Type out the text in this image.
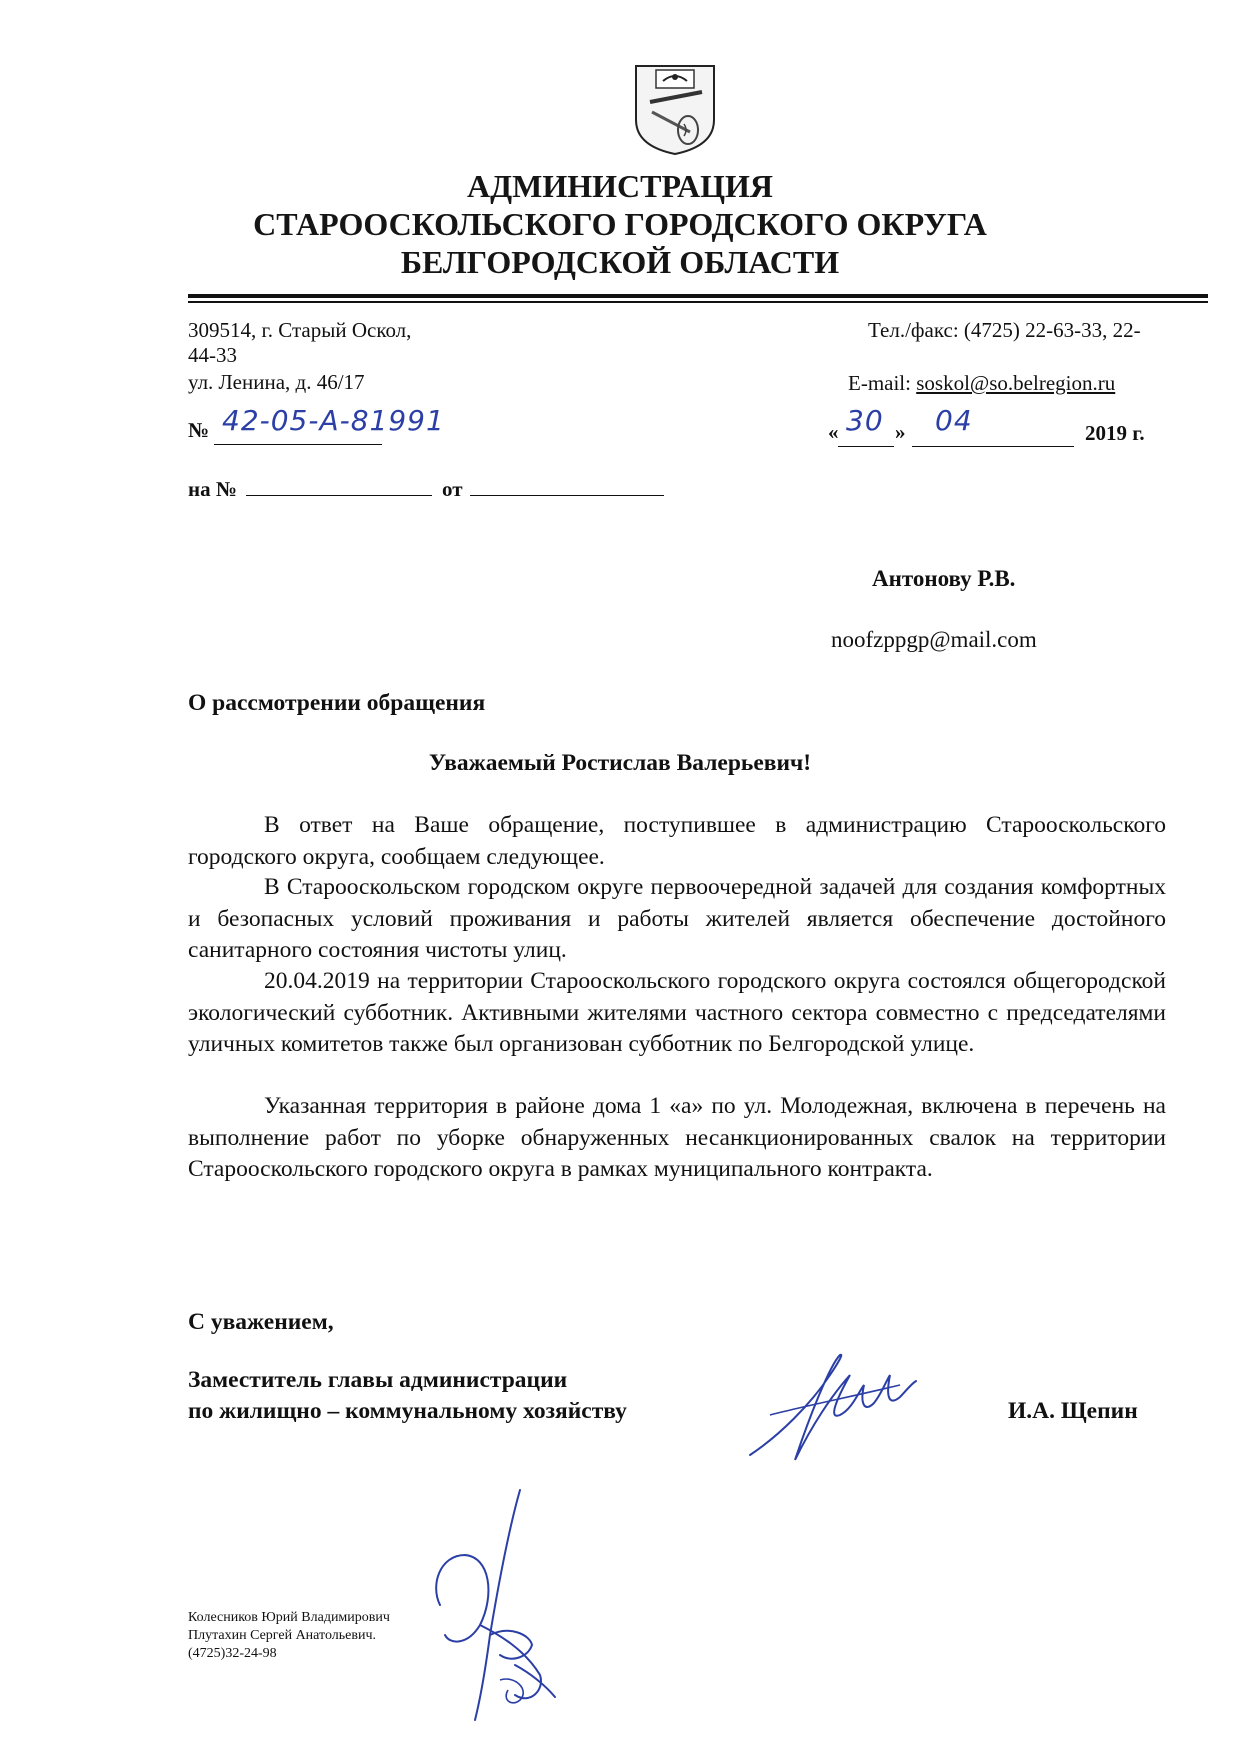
АДМИНИСТРАЦИЯ
СТАРООСКОЛЬСКОГО ГОРОДСКОГО ОКРУГА
БЕЛГОРОДСКОЙ ОБЛАСТИ
309514, г. Старый Оскол,
44-33
ул. Ленина, д. 46/17
Тел./факс: (4725) 22-63-33, 22-
E-mail: soskol@so.belregion.ru
№ 42-05-А-81991	« 30 » 04	2019 г.
на №	от
Антонову Р.В.
noofzppgp@mail.com
О рассмотрении обращения
Уважаемый Ростислав Валерьевич!

В ответ на Ваше обращение, поступившее в администрацию Старооскольского городского округа, сообщаем следующее.

В Старооскольском городском округе первоочередной задачей для создания комфортных и безопасных условий проживания и работы жителей является обеспечение достойного санитарного состояния чистоты улиц.

20.04.2019 на территории Старооскольского городского округа состоялся общегородской экологический субботник. Активными жителями частного сектора совместно с председателями уличных комитетов также был организован субботник по Белгородской улице.

Указанная территория в районе дома 1 «а» по ул. Молодежная, включена в перечень на выполнение работ по уборке обнаруженных несанкционированных свалок на территории Старооскольского городского округа в рамках муниципального контракта.

С уважением,
Заместитель главы администрации
по жилищно – коммунальному хозяйству	И.А. Щепин
Колесников Юрий Владимирович
Плутахин Сергей Анатольевич.
(4725)32-24-98
